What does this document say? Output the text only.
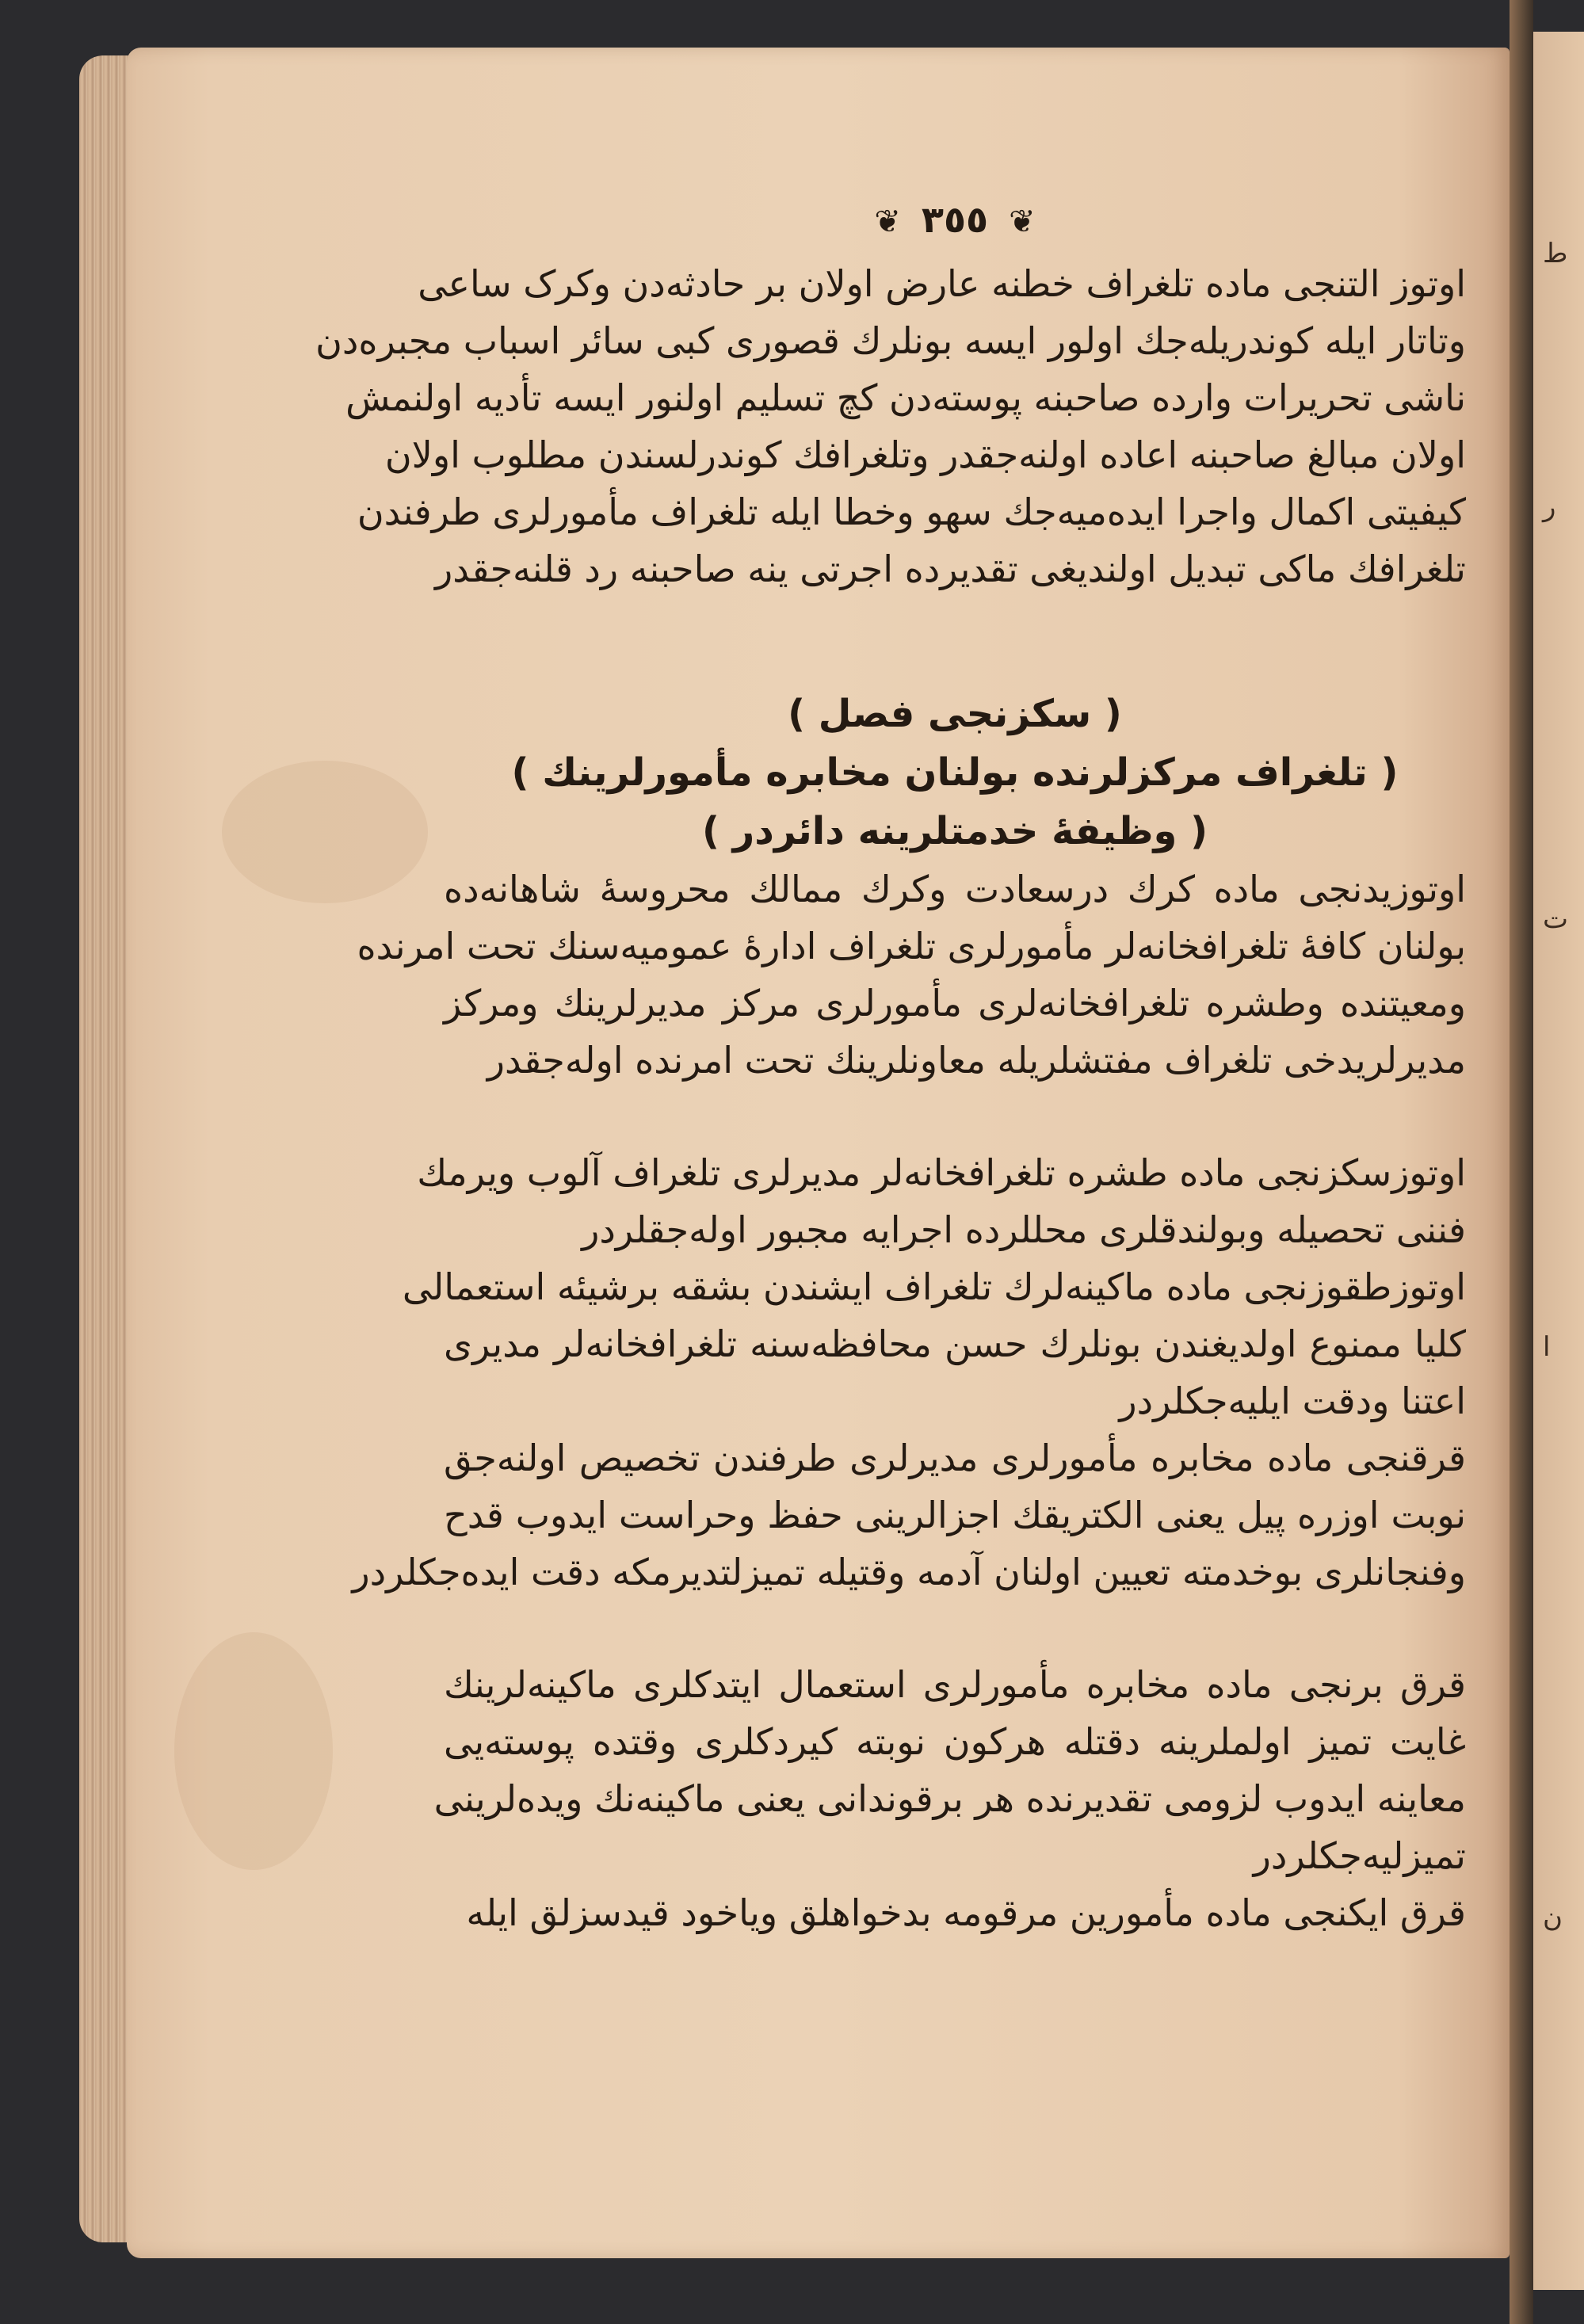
ط
ر
ت
ا
ن
❦ ٣٥٥ ❦
اوتوز التنجی ماده تلغراف خطنه عارض اولان بر حادثه‌دن وکرک ساعی
وتاتار ایله کوندریله‌جك اولور ایسه بونلرك قصوری کبی سائر اسباب مجبره‌دن
ناشی تحریرات وارده صاحبنه پوسته‌دن کچ تسلیم اولنور ایسه تأدیه اولنمش
اولان مبالغ صاحبنه اعاده اولنه‌جقدر وتلغرافك کوندرلسندن مطلوب اولان
کیفیتی اکمال واجرا ایده‌میه‌جك سهو وخطا ایله تلغراف مأمورلری طرفندن
تلغرافك ماکی تبدیل اولندیغی تقدیرده اجرتی ینه صاحبنه رد قلنه‌جقدر
( سکزنجی فصل )
( تلغراف مرکزلرنده بولنان مخابره مأمورلرینك )
( وظیفهٔ خدمتلرینه دائردر )
اوتوزیدنجی ماده کرك درسعادت وکرك ممالك محروسهٔ شاهانه‌ده
بولنان کافهٔ تلغرافخانه‌لر مأمورلری تلغراف ادارهٔ عمومیه‌سنك تحت امرنده
ومعیتنده وطشره تلغرافخانه‌لری مأمورلری مرکز مدیرلرینك ومرکز
مدیرلریدخی تلغراف مفتشلریله معاونلرینك تحت امرنده اوله‌جقدر
اوتوزسکزنجی ماده طشره تلغرافخانه‌لر مدیرلری تلغراف آلوب ویرمك
فننی تحصیله وبولندقلری محللرده اجرایه مجبور اوله‌جقلردر
اوتوزطقوزنجی ماده ماکینه‌لرك تلغراف ایشندن بشقه برشیئه استعمالی
کلیا ممنوع اولدیغندن بونلرك حسن محافظه‌سنه تلغرافخانه‌لر مدیری
اعتنا ودقت ایلیه‌جکلردر
قرقنجی ماده مخابره مأمورلری مدیرلری طرفندن تخصیص اولنه‌جق
نوبت اوزره پیل یعنی الکتریقك اجزالرینی حفظ وحراست ایدوب قدح
وفنجانلری بوخدمته تعیین اولنان آدمه وقتیله تمیزلتدیرمکه دقت ایده‌جکلردر
قرق برنجی ماده مخابره مأمورلری استعمال ایتدکلری ماکینه‌لرینك
غایت تمیز اولملرینه دقتله هرکون نوبته کیردکلری وقتده پوسته‌یی
معاینه ایدوب لزومی تقدیرنده هر برقوندانی یعنی ماکینه‌نك ویده‌لرینی
تمیزلیه‌جکلردر
قرق ایکنجی ماده مأمورین مرقومه بدخواهلق ویاخود قیدسزلق ایله
